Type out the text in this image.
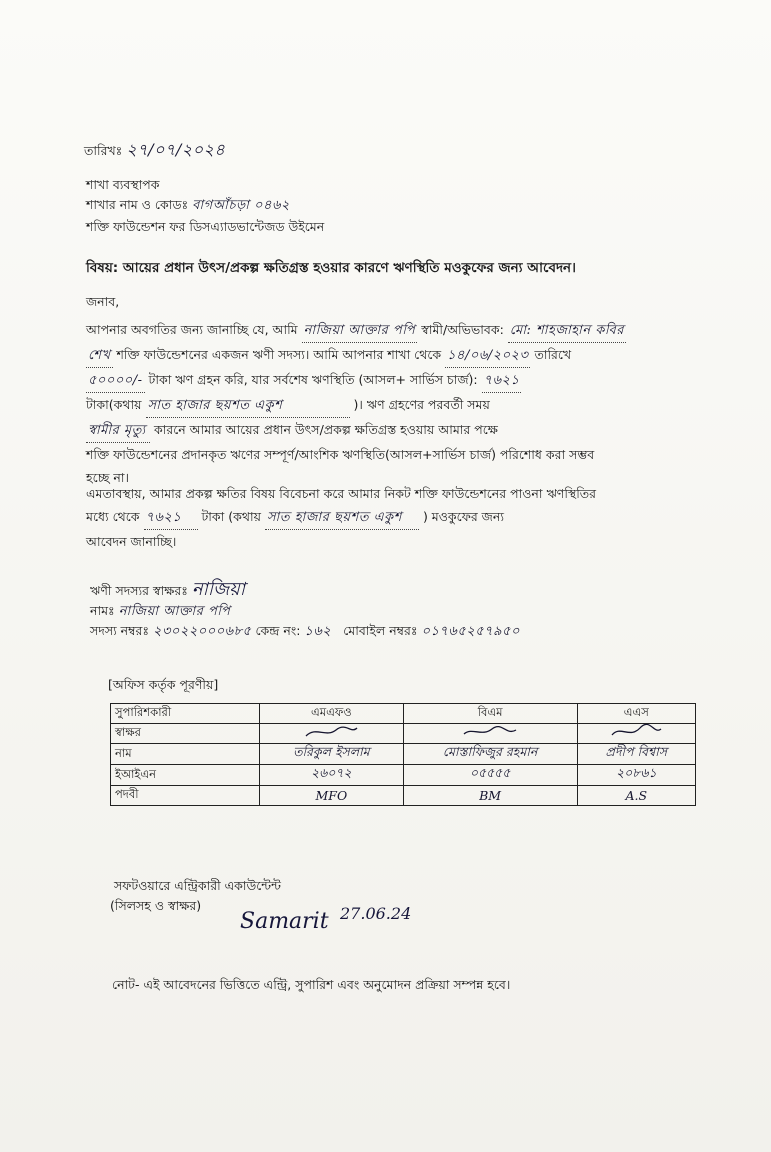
তারিখঃ ২৭/০৭/২০২৪
শাখা ব্যবস্থাপক
শাখার নাম ও কোডঃ বাগআঁচড়া ০৪৬২
শক্তি ফাউন্ডেশন ফর ডিসএ্যাডভান্টেজড উইমেন
বিষয়: আয়ের প্রধান উৎস/প্রকল্প ক্ষতিগ্রস্ত হওয়ার কারণে ঋণস্থিতি মওকুফের জন্য আবেদন।
জনাব,

আপনার অবগতির জন্য জানাচ্ছি যে, আমি নাজিয়া আক্তার পপি স্বামী/অভিভাবক: মো: শাহজাহান কবির

শেখ শক্তি ফাউন্ডেশনের একজন ঋণী সদস্য। আমি আপনার শাখা থেকে ১৪/০৬/২০২৩ তারিখে

৫০০০০/- টাকা ঋণ গ্রহন করি, যার সর্বশেষ ঋণস্থিতি (আসল+ সার্ভিস চার্জ): ৭৬২১

টাকা(কথায় সাত হাজার ছয়শত একুশ	)। ঋণ গ্রহণের পরবর্তী সময়

স্বামীর মৃত্যু কারনে আমার আয়ের প্রধান উৎস/প্রকল্প ক্ষতিগ্রস্ত হওয়ায় আমার পক্ষে

শক্তি ফাউন্ডেশনের প্রদানকৃত ঋণের সম্পূর্ণ/আংশিক ঋণস্থিতি(আসল+সার্ভিস চার্জ) পরিশোধ করা সম্ভব

হচ্ছে না।

এমতাবস্থায়, আমার প্রকল্প ক্ষতির বিষয় বিবেচনা করে আমার নিকট শক্তি ফাউন্ডেশনের পাওনা ঋণস্থিতির

মধ্যে থেকে ৭৬২১ টাকা (কথায় সাত হাজার ছয়শত একুশ ) মওকুফের জন্য

আবেদন জানাচ্ছি।

ঋণী সদস্যর স্বাক্ষরঃ নাজিয়া
নামঃ নাজিয়া আক্তার পপি
সদস্য নম্বরঃ ২৩০২২০০০৬৮৫ কেন্দ্র নং: ১৬২ মোবাইল নম্বরঃ ০১৭৬৫২৫৭৯৫০
[অফিস কর্তৃক পূরণীয়]
সুপারিশকারী	এমএফও	বিএম	এএস
স্বাক্ষর			
নাম	তরিকুল ইসলাম	মোস্তাফিজুর রহমান	প্রদীপ বিশ্বাস
ইআইএন	২৬০৭২	০৫৫৫৫	২০৮৬১
পদবী	MFO	BM	A.S
সফটওয়ারে এন্ট্রিকারী একাউন্টেন্ট
(সিলসহ ও স্বাক্ষর)
Samarit 27.06.24
নোট- এই আবেদনের ভিত্তিতে এন্ট্রি, সুপারিশ এবং অনুমোদন প্রক্রিয়া সম্পন্ন হবে।
